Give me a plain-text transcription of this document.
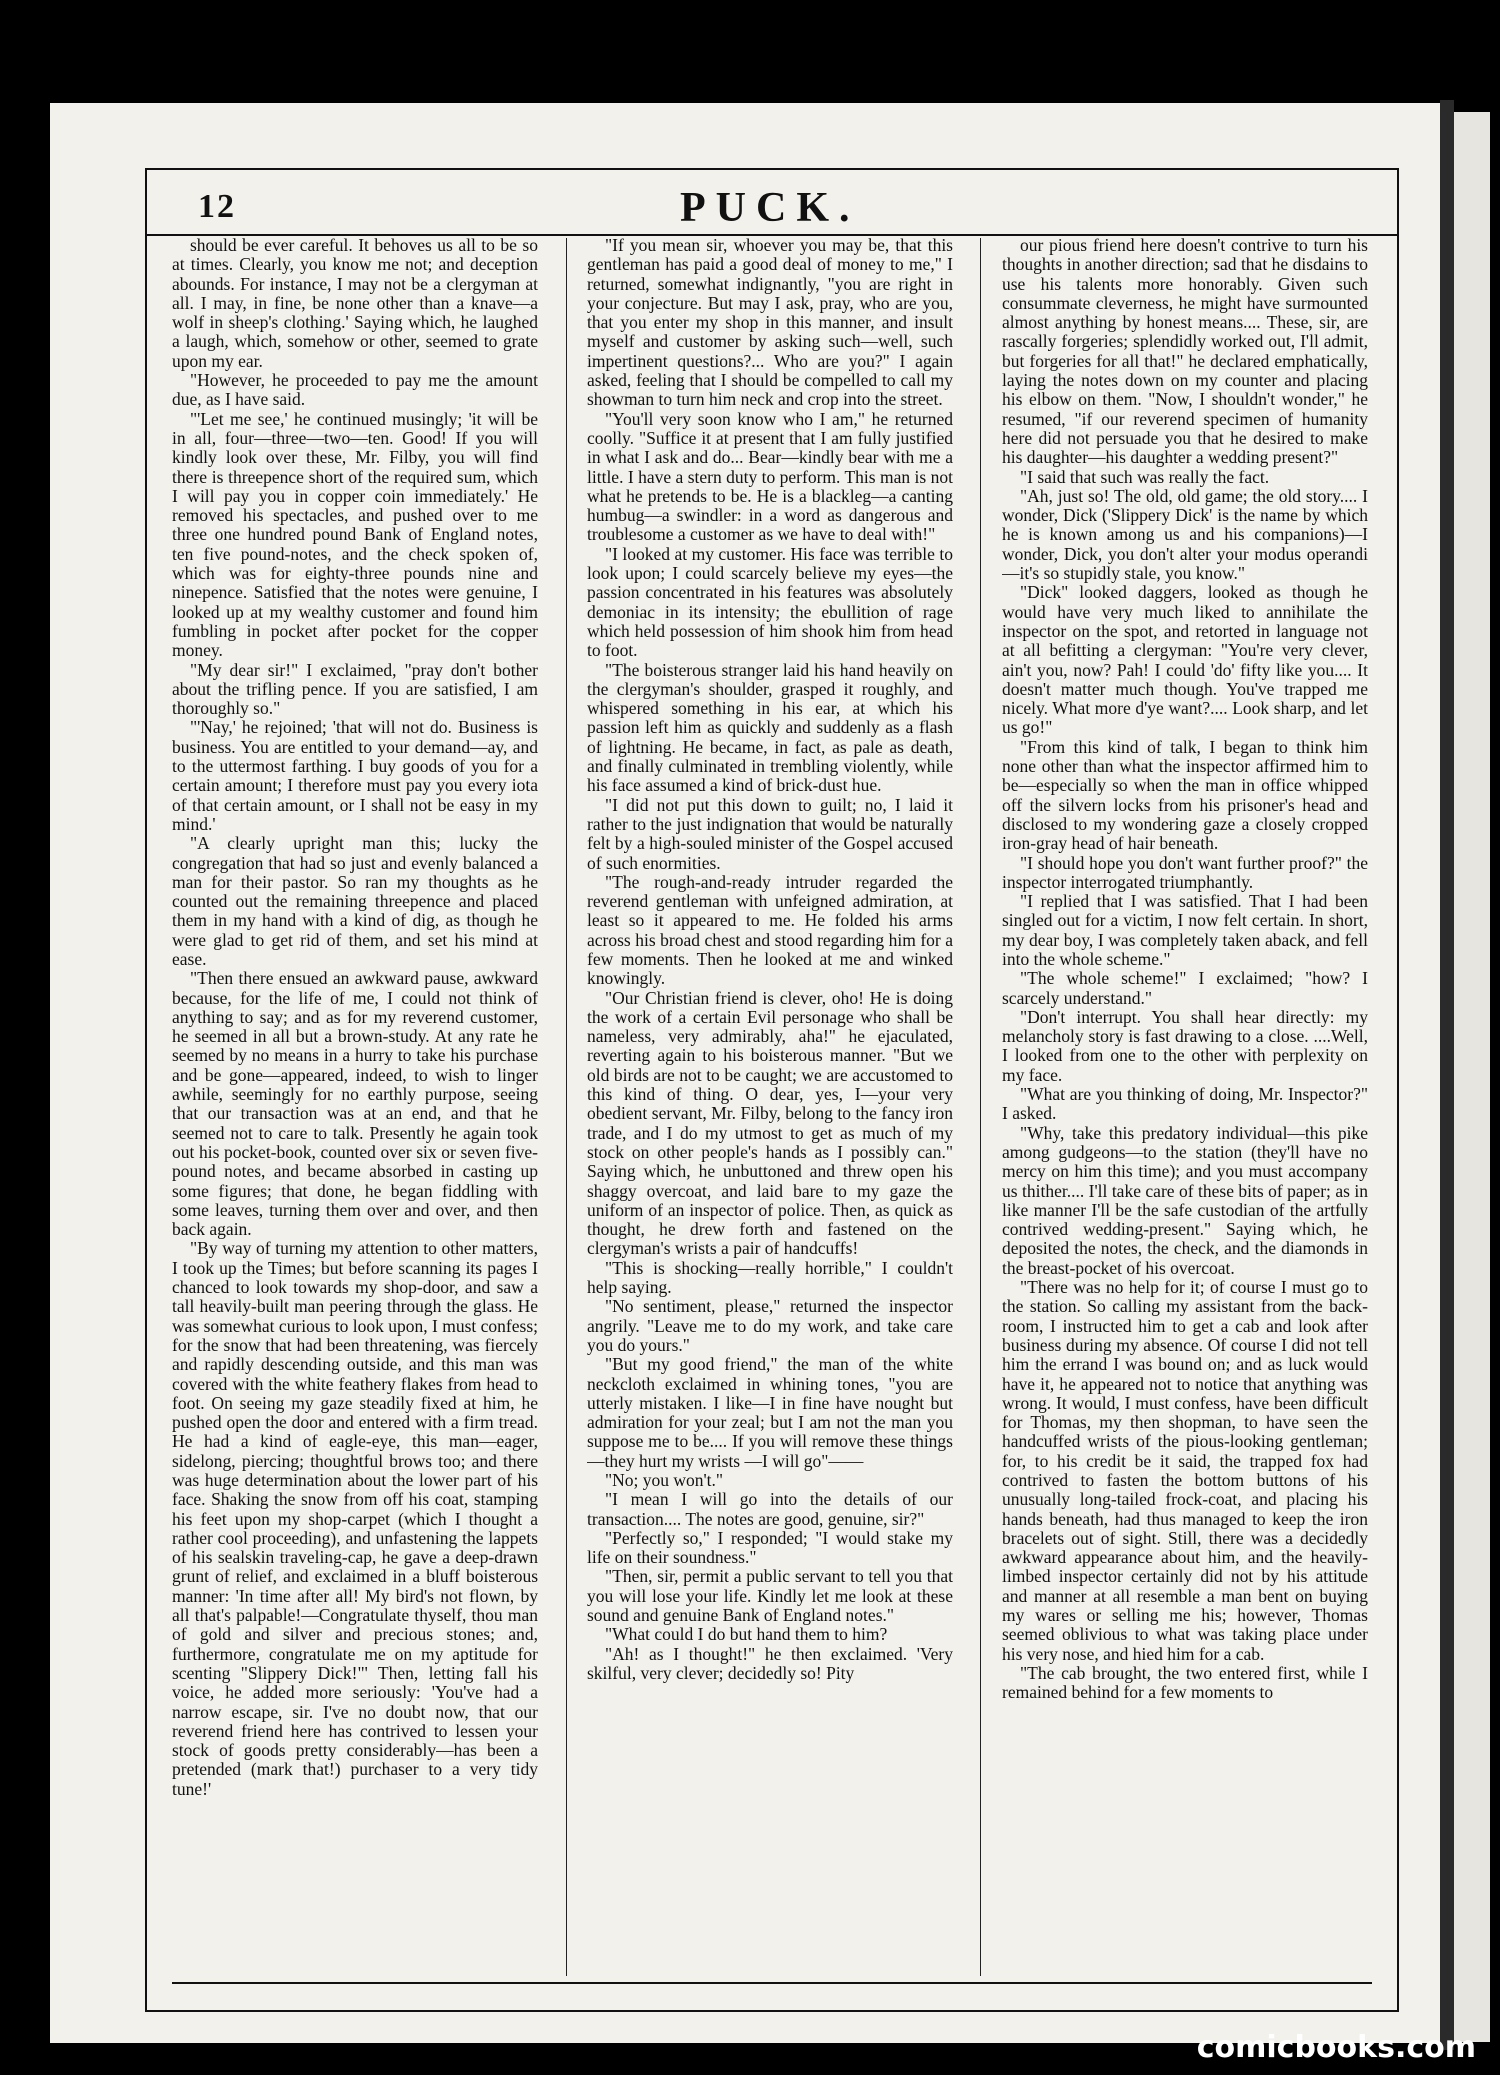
12	PUCK.

should be ever careful. It behoves us all to be so at times. Clearly, you know me not; and deception abounds. For instance, I may not be a clergyman at all. I may, in fine, be none other than a knave—a wolf in sheep's clothing.' Saying which, he laughed a laugh, which, somehow or other, seemed to grate upon my ear.

"However, he proceeded to pay me the amount due, as I have said.

"'Let me see,' he continued musingly; 'it will be in all, four—three—two—ten. Good! If you will kindly look over these, Mr. Filby, you will find there is threepence short of the required sum, which I will pay you in copper coin immediately.' He removed his spectacles, and pushed over to me three one hundred pound Bank of England notes, ten five pound-notes, and the check spoken of, which was for eighty-three pounds nine and ninepence. Satisfied that the notes were genuine, I looked up at my wealthy customer and found him fumbling in pocket after pocket for the copper money.

"My dear sir!" I exclaimed, "pray don't bother about the trifling pence. If you are satisfied, I am thoroughly so."

"'Nay,' he rejoined; 'that will not do. Business is business. You are entitled to your demand—ay, and to the uttermost farthing. I buy goods of you for a certain amount; I therefore must pay you every iota of that certain amount, or I shall not be easy in my mind.'

"A clearly upright man this; lucky the congregation that had so just and evenly balanced a man for their pastor. So ran my thoughts as he counted out the remaining threepence and placed them in my hand with a kind of dig, as though he were glad to get rid of them, and set his mind at ease.

"Then there ensued an awkward pause, awkward because, for the life of me, I could not think of anything to say; and as for my reverend customer, he seemed in all but a brown-study. At any rate he seemed by no means in a hurry to take his purchase and be gone—appeared, indeed, to wish to linger awhile, seemingly for no earthly purpose, seeing that our transaction was at an end, and that he seemed not to care to talk. Presently he again took out his pocket-book, counted over six or seven five-pound notes, and became absorbed in casting up some figures; that done, he began fiddling with some leaves, turning them over and over, and then back again.

"By way of turning my attention to other matters, I took up the Times; but before scanning its pages I chanced to look towards my shop-door, and saw a tall heavily-built man peering through the glass. He was somewhat curious to look upon, I must confess; for the snow that had been threatening, was fiercely and rapidly descending outside, and this man was covered with the white feathery flakes from head to foot. On seeing my gaze steadily fixed at him, he pushed open the door and entered with a firm tread. He had a kind of eagle-eye, this man—eager, sidelong, piercing; thoughtful brows too; and there was huge determination about the lower part of his face. Shaking the snow from off his coat, stamping his feet upon my shop-carpet (which I thought a rather cool proceeding), and unfastening the lappets of his sealskin traveling-cap, he gave a deep-drawn grunt of relief, and exclaimed in a bluff boisterous manner: 'In time after all! My bird's not flown, by all that's palpable!—Congratulate thyself, thou man of gold and silver and precious stones; and, furthermore, congratulate me on my aptitude for scenting "Slippery Dick!"' Then, letting fall his voice, he added more seriously: 'You've had a narrow escape, sir. I've no doubt now, that our reverend friend here has contrived to lessen your stock of goods pretty considerably—has been a pretended (mark that!) purchaser to a very tidy tune!'

"If you mean sir, whoever you may be, that this gentleman has paid a good deal of money to me," I returned, somewhat indignantly, "you are right in your conjecture. But may I ask, pray, who are you, that you enter my shop in this manner, and insult myself and customer by asking such—well, such impertinent questions?... Who are you?" I again asked, feeling that I should be compelled to call my showman to turn him neck and crop into the street.

"You'll very soon know who I am," he returned coolly. "Suffice it at present that I am fully justified in what I ask and do... Bear—kindly bear with me a little. I have a stern duty to perform. This man is not what he pretends to be. He is a blackleg—a canting humbug—a swindler: in a word as dangerous and troublesome a customer as we have to deal with!"

"I looked at my customer. His face was terrible to look upon; I could scarcely believe my eyes—the passion concentrated in his features was absolutely demoniac in its intensity; the ebullition of rage which held possession of him shook him from head to foot.

"The boisterous stranger laid his hand heavily on the clergyman's shoulder, grasped it roughly, and whispered something in his ear, at which his passion left him as quickly and suddenly as a flash of lightning. He became, in fact, as pale as death, and finally culminated in trembling violently, while his face assumed a kind of brick-dust hue.

"I did not put this down to guilt; no, I laid it rather to the just indignation that would be naturally felt by a high-souled minister of the Gospel accused of such enormities.

"The rough-and-ready intruder regarded the reverend gentleman with unfeigned admiration, at least so it appeared to me. He folded his arms across his broad chest and stood regarding him for a few moments. Then he looked at me and winked knowingly.

"Our Christian friend is clever, oho! He is doing the work of a certain Evil personage who shall be nameless, very admirably, aha!" he ejaculated, reverting again to his boisterous manner. "But we old birds are not to be caught; we are accustomed to this kind of thing. O dear, yes, I—your very obedient servant, Mr. Filby, belong to the fancy iron trade, and I do my utmost to get as much of my stock on other people's hands as I possibly can." Saying which, he unbuttoned and threw open his shaggy overcoat, and laid bare to my gaze the uniform of an inspector of police. Then, as quick as thought, he drew forth and fastened on the clergyman's wrists a pair of handcuffs!

"This is shocking—really horrible," I couldn't help saying.

"No sentiment, please," returned the inspector angrily. "Leave me to do my work, and take care you do yours."

"But my good friend," the man of the white neckcloth exclaimed in whining tones, "you are utterly mistaken. I like—I in fine have nought but admiration for your zeal; but I am not the man you suppose me to be.... If you will remove these things—they hurt my wrists —I will go"——

"No; you won't."

"I mean I will go into the details of our transaction.... The notes are good, genuine, sir?"

"Perfectly so," I responded; "I would stake my life on their soundness."

"Then, sir, permit a public servant to tell you that you will lose your life. Kindly let me look at these sound and genuine Bank of England notes."

"What could I do but hand them to him?

"Ah! as I thought!" he then exclaimed. 'Very skilful, very clever; decidedly so! Pity

our pious friend here doesn't contrive to turn his thoughts in another direction; sad that he disdains to use his talents more honorably. Given such consummate cleverness, he might have surmounted almost anything by honest means.... These, sir, are rascally forgeries; splendidly worked out, I'll admit, but forgeries for all that!" he declared emphatically, laying the notes down on my counter and placing his elbow on them. "Now, I shouldn't wonder," he resumed, "if our reverend specimen of humanity here did not persuade you that he desired to make his daughter—his daughter a wedding present?"

"I said that such was really the fact.

"Ah, just so! The old, old game; the old story.... I wonder, Dick ('Slippery Dick' is the name by which he is known among us and his companions)—I wonder, Dick, you don't alter your modus operandi—it's so stupidly stale, you know."

"Dick" looked daggers, looked as though he would have very much liked to annihilate the inspector on the spot, and retorted in language not at all befitting a clergyman: "You're very clever, ain't you, now? Pah! I could 'do' fifty like you.... It doesn't matter much though. You've trapped me nicely. What more d'ye want?.... Look sharp, and let us go!"

"From this kind of talk, I began to think him none other than what the inspector affirmed him to be—especially so when the man in office whipped off the silvern locks from his prisoner's head and disclosed to my wondering gaze a closely cropped iron-gray head of hair beneath.

"I should hope you don't want further proof?" the inspector interrogated triumphantly.

"I replied that I was satisfied. That I had been singled out for a victim, I now felt certain. In short, my dear boy, I was completely taken aback, and fell into the whole scheme."

"The whole scheme!" I exclaimed; "how? I scarcely understand."

"Don't interrupt. You shall hear directly: my melancholy story is fast drawing to a close. ....Well, I looked from one to the other with perplexity on my face.

"What are you thinking of doing, Mr. Inspector?" I asked.

"Why, take this predatory individual—this pike among gudgeons—to the station (they'll have no mercy on him this time); and you must accompany us thither.... I'll take care of these bits of paper; as in like manner I'll be the safe custodian of the artfully contrived wedding-present." Saying which, he deposited the notes, the check, and the diamonds in the breast-pocket of his overcoat.

"There was no help for it; of course I must go to the station. So calling my assistant from the back-room, I instructed him to get a cab and look after business during my absence. Of course I did not tell him the errand I was bound on; and as luck would have it, he appeared not to notice that anything was wrong. It would, I must confess, have been difficult for Thomas, my then shopman, to have seen the handcuffed wrists of the pious-looking gentleman; for, to his credit be it said, the trapped fox had contrived to fasten the bottom buttons of his unusually long-tailed frock-coat, and placing his hands beneath, had thus managed to keep the iron bracelets out of sight. Still, there was a decidedly awkward appearance about him, and the heavily-limbed inspector certainly did not by his attitude and manner at all resemble a man bent on buying my wares or selling me his; however, Thomas seemed oblivious to what was taking place under his very nose, and hied him for a cab.

"The cab brought, the two entered first, while I remained behind for a few moments to

comicbooks.com
